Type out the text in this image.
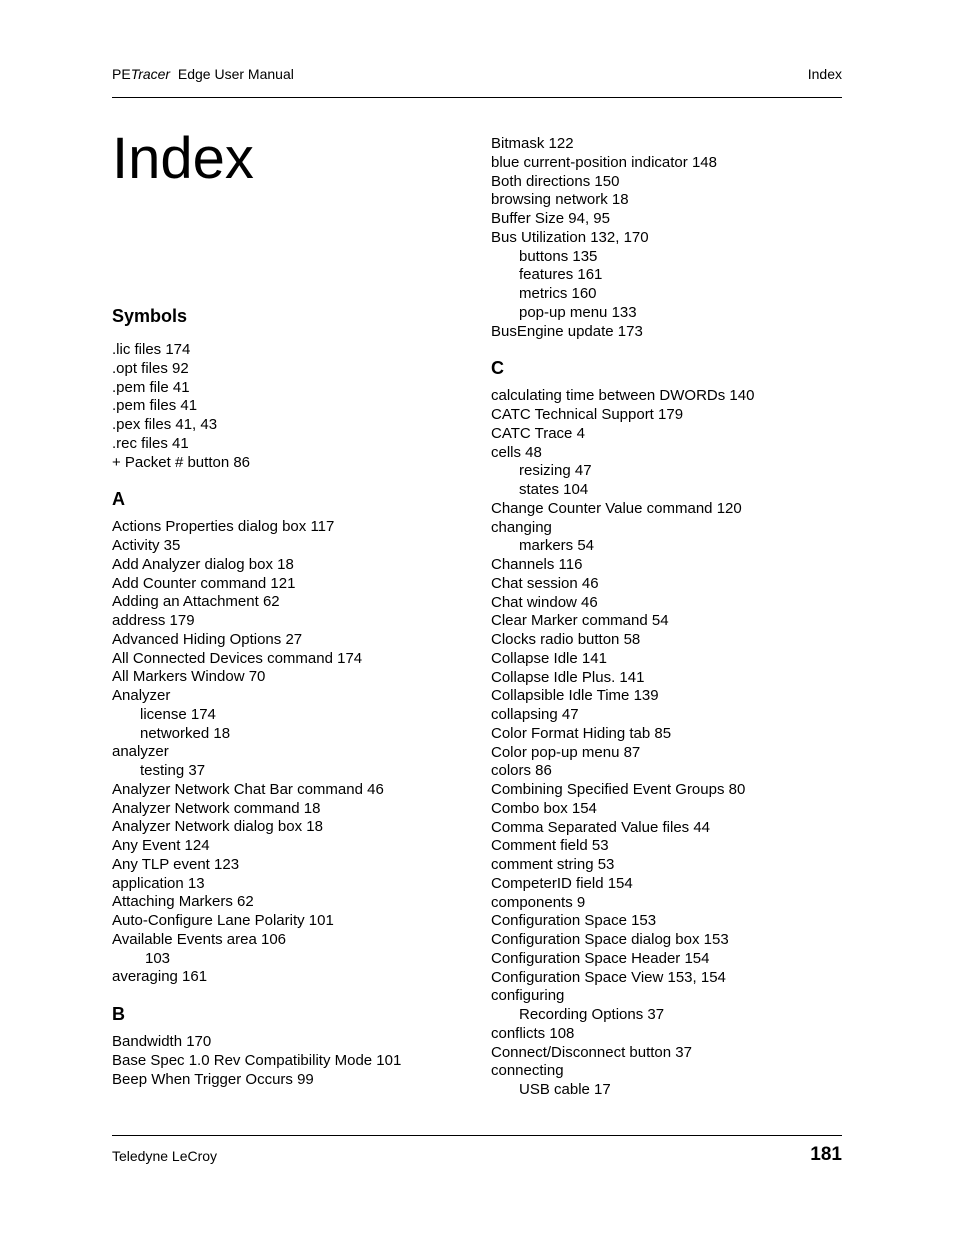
PETracer Edge User Manual	Index
Index
Symbols
.lic files 174
.opt files 92
.pem file 41
.pem files 41
.pex files 41, 43
.rec files 41
+ Packet # button 86
A
Actions Properties dialog box 117
Activity 35
Add Analyzer dialog box 18
Add Counter command 121
Adding an Attachment 62
address 179
Advanced Hiding Options 27
All Connected Devices command 174
All Markers Window 70
Analyzer
license 174
networked 18
analyzer
testing 37
Analyzer Network Chat Bar command 46
Analyzer Network command 18
Analyzer Network dialog box 18
Any Event 124
Any TLP event 123
application 13
Attaching Markers 62
Auto-Configure Lane Polarity 101
Available Events area 106
103
averaging 161
B
Bandwidth 170
Base Spec 1.0 Rev Compatibility Mode 101
Beep When Trigger Occurs 99
Bitmask 122
blue current-position indicator 148
Both directions 150
browsing network 18
Buffer Size 94, 95
Bus Utilization 132, 170
buttons 135
features 161
metrics 160
pop-up menu 133
BusEngine update 173
C
calculating time between DWORDs 140
CATC Technical Support 179
CATC Trace 4
cells 48
resizing 47
states 104
Change Counter Value command 120
changing
markers 54
Channels 116
Chat session 46
Chat window 46
Clear Marker command 54
Clocks radio button 58
Collapse Idle 141
Collapse Idle Plus. 141
Collapsible Idle Time 139
collapsing 47
Color Format Hiding tab 85
Color pop-up menu 87
colors 86
Combining Specified Event Groups 80
Combo box 154
Comma Separated Value files 44
Comment field 53
comment string 53
CompeterID field 154
components 9
Configuration Space 153
Configuration Space dialog box 153
Configuration Space Header 154
Configuration Space View 153, 154
configuring
Recording Options 37
conflicts 108
Connect/Disconnect button 37
connecting
USB cable 17
Teledyne LeCroy	181
